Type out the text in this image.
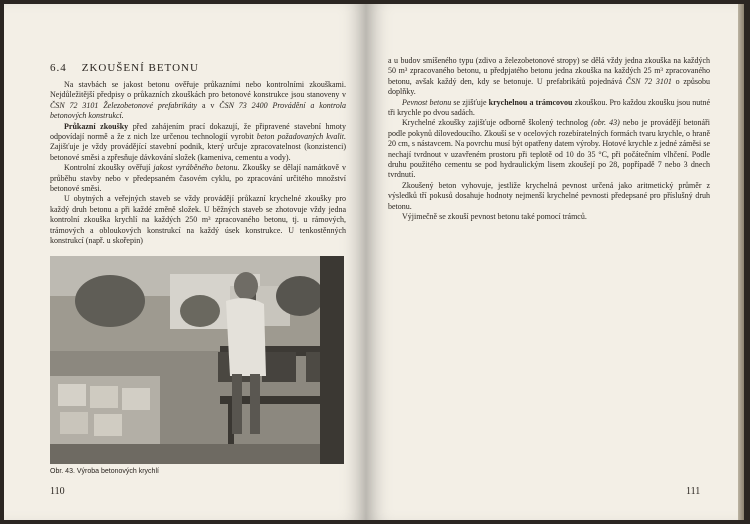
6.4 ZKOUŠENÍ BETONU

Na stavbách se jakost betonu ověřuje průkazními nebo kontrolními zkouškami. Nejdůležitější předpisy o průkazních zkouškách pro betonové konstrukce jsou stanoveny v ČSN 72 3101 Železobetonové prefabrikáty a v ČSN 73 2400 Provádění a kontrola betonových konstrukcí.

Průkazní zkoušky před zahájením prací dokazují, že připravené stavební hmoty odpovídají normě a že z nich lze určenou technologií vyrobit beton požadovaných kvalit. Zajišťuje je vždy provádějící stavební podnik, který určuje zpracovatelnost (konzistenci) betonové směsi a zpřesňuje dávkování složek (kameniva, cementu a vody).

Kontrolní zkoušky ověřují jakost vyráběného betonu. Zkoušky se dělají namátkově v průběhu stavby nebo v předepsaném časovém cyklu, po zpracování určitého množství betonové směsi.

U obytných a veřejných staveb se vždy provádějí průkazní krychelné zkoušky pro každý druh betonu a při každé změně složek. U běžných staveb se zhotovuje vždy jedna kontrolní zkouška krychlí na každých 250 m³ zpracovaného betonu, tj. u rámových, trámových a obloukových konstrukcí na každý úsek konstrukce. U tenkostěnných konstrukcí (např. u skořepin)

Obr. 43. Výroba betonových krychlí
110

a u budov smíšeného typu (zdivo a železobetonové stropy) se dělá vždy jedna zkouška na každých 50 m³ zpracovaného betonu, u předpjatého betonu jedna zkouška na každých 25 m³ zpracovaného betonu, avšak každý den, kdy se betonuje. U prefabrikátů pojednává ČSN 72 3101 o způsobu doplňky.

Pevnost betonu se zjišťuje krychelnou a trámcovou zkouškou. Pro každou zkoušku jsou nutné tři krychle po dvou sadách.

Krychelné zkoušky zajišťuje odborně školený technolog (obr. 43) nebo je provádějí betonáři podle pokynů dílovedoucího. Zkouší se v ocelových rozebíratelných formách tvaru krychle, o hraně 20 cm, s nástavcem. Na povrchu musí být opatřeny datem výroby. Hotové krychle z jedné záměsi se nechají tvrdnout v uzavřeném prostoru při teplotě od 10 do 35 °C, při počátečním vlhčení. Podle druhu použitého cementu se pod hydraulickým lisem zkoušejí po 28, popřípadě 7 nebo 3 dnech tvrdnutí.

Zkoušený beton vyhovuje, jestliže krychelná pevnost určená jako aritmetický průměr z výsledků tří pokusů dosahuje hodnoty nejmenší krychelné pevnosti předepsané pro příslušný druh betonu.

Výjimečně se zkouší pevnost betonu také pomocí trámců.

111
